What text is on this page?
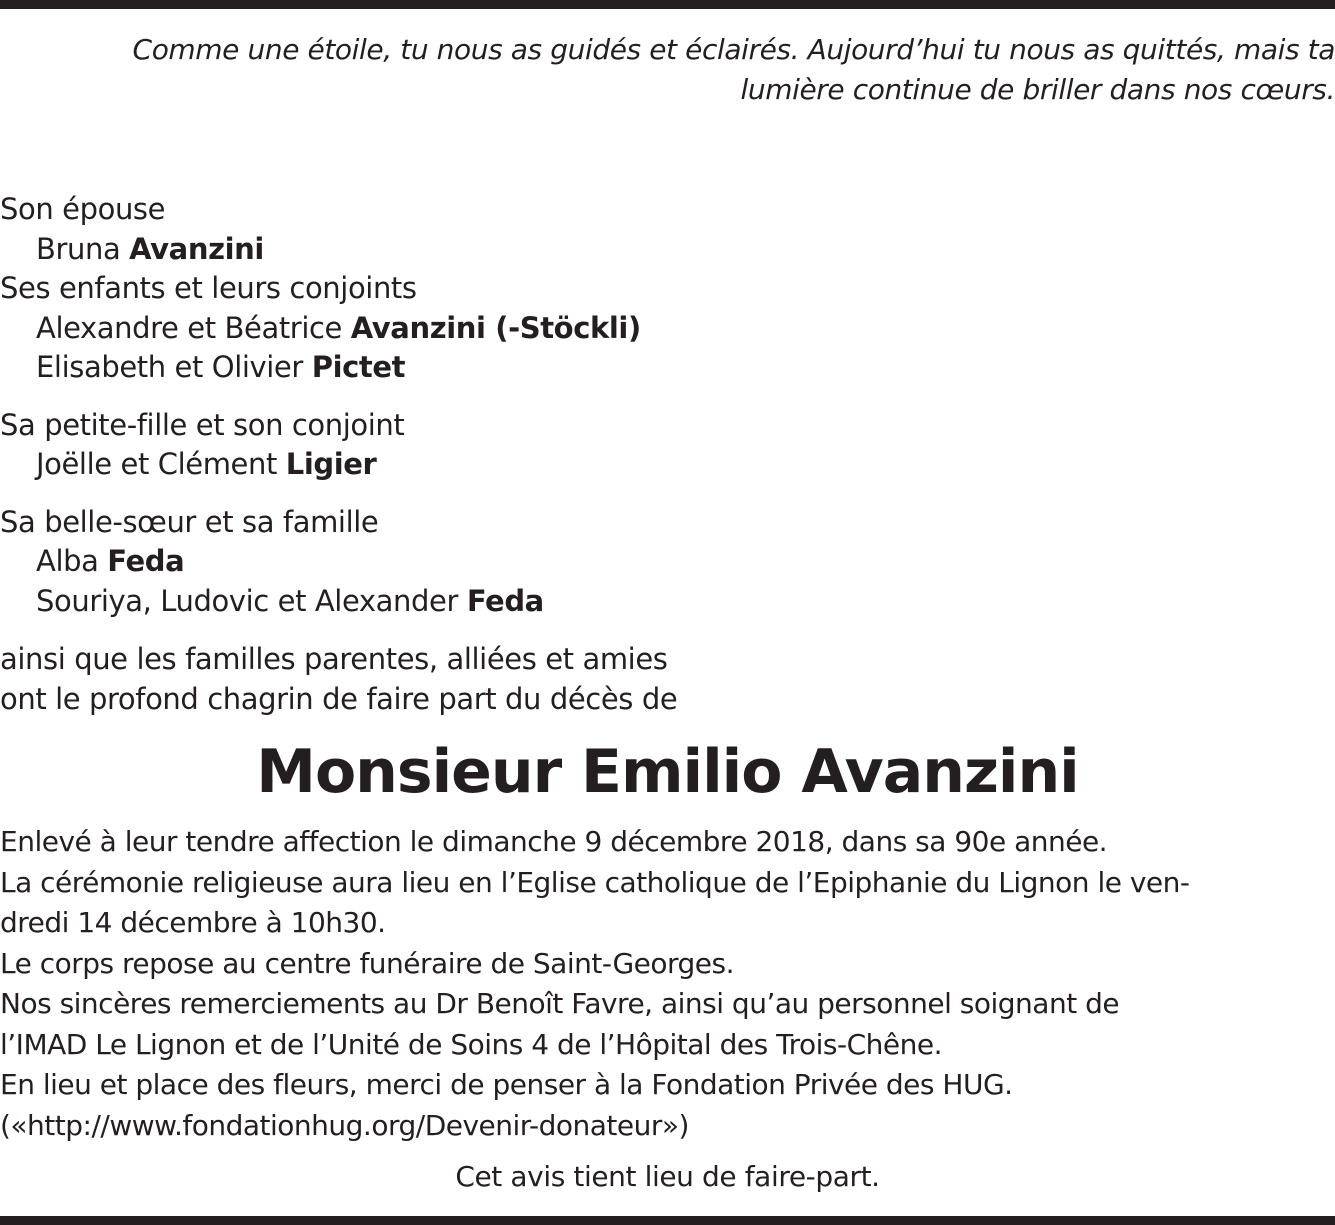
Comme une étoile, tu nous as guidés et éclairés. Aujourd’hui tu nous as quittés, mais ta
lumière continue de briller dans nos cœurs.
Son épouse
Bruna Avanzini
Ses enfants et leurs conjoints
Alexandre et Béatrice Avanzini (-Stöckli)
Elisabeth et Olivier Pictet
Sa petite-fille et son conjoint
Joëlle et Clément Ligier
Sa belle-sœur et sa famille
Alba Feda
Souriya, Ludovic et Alexander Feda
ainsi que les familles parentes, alliées et amies
ont le profond chagrin de faire part du décès de
Monsieur Emilio Avanzini

Enlevé à leur tendre affection le dimanche 9 décembre 2018, dans sa 90e année.

La cérémonie religieuse aura lieu en l’Eglise catholique de l’Epiphanie du Lignon le ven-

dredi 14 décembre à 10h30.

Le corps repose au centre funéraire de Saint-Georges.

Nos sincères remerciements au Dr Benoît Favre, ainsi qu’au personnel soignant de

l’IMAD Le Lignon et de l’Unité de Soins 4 de l’Hôpital des Trois-Chêne.

En lieu et place des fleurs, merci de penser à la Fondation Privée des HUG.

(«http://www.fondationhug.org/Devenir-donateur»)

Cet avis tient lieu de faire-part.
